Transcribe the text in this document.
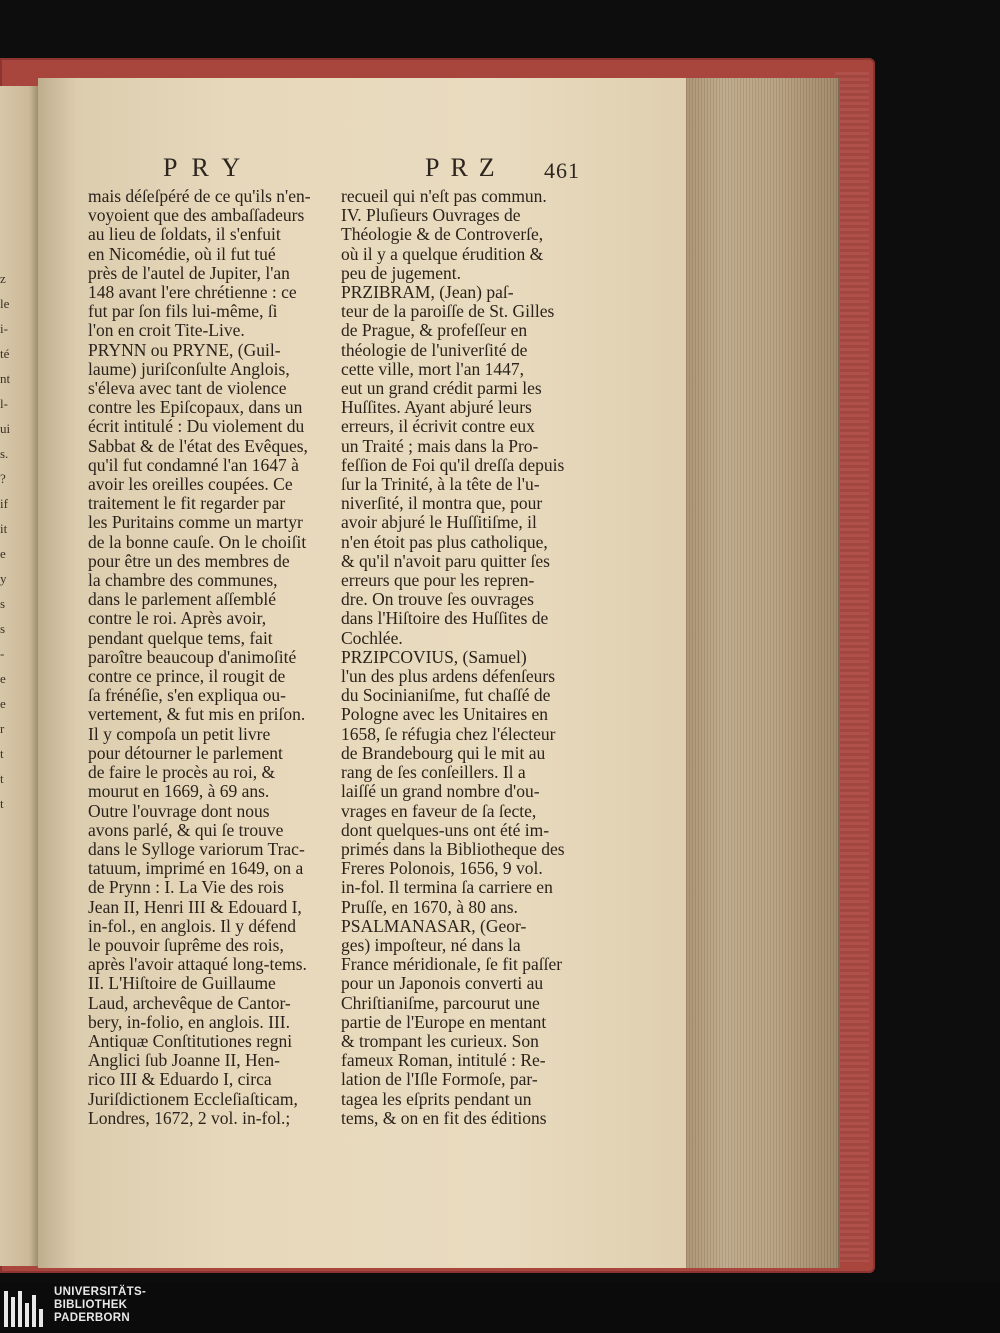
z
le
i-
té
nt
l-
ui
s.
?
if
it
e
y
s
s
-
e
e
r
t
t
t
PRY	PRZ 461
mais déſeſpéré de ce qu'ils n'en-
voyoient que des ambaſſadeurs
au lieu de ſoldats, il s'enfuit
en Nicomédie, où il fut tué
près de l'autel de Jupiter, l'an
148 avant l'ere chrétienne : ce
fut par ſon fils lui-même, ſi
l'on en croit Tite-Live.
PRYNN ou PRYNE, (Guil-
laume) juriſconſulte Anglois,
s'éleva avec tant de violence
contre les Epiſcopaux, dans un
écrit intitulé : Du violement du
Sabbat & de l'état des Evêques,
qu'il fut condamné l'an 1647 à
avoir les oreilles coupées. Ce
traitement le fit regarder par
les Puritains comme un martyr
de la bonne cauſe. On le choiſit
pour être un des membres de
la chambre des communes,
dans le parlement aſſemblé
contre le roi. Après avoir,
pendant quelque tems, fait
paroître beaucoup d'animoſité
contre ce prince, il rougit de
ſa frénéſie, s'en expliqua ou-
vertement, & fut mis en priſon.
Il y compoſa un petit livre
pour détourner le parlement
de faire le procès au roi, &
mourut en 1669, à 69 ans.
Outre l'ouvrage dont nous
avons parlé, & qui ſe trouve
dans le Sylloge variorum Trac-
tatuum, imprimé en 1649, on a
de Prynn : I. La Vie des rois
Jean II, Henri III & Edouard I,
in-fol., en anglois. Il y défend
le pouvoir ſuprême des rois,
après l'avoir attaqué long-tems.
II. L'Hiſtoire de Guillaume
Laud, archevêque de Cantor-
bery, in-folio, en anglois. III.
Antiquæ Conſtitutiones regni
Anglici ſub Joanne II, Hen-
rico III & Eduardo I, circa
Juriſdictionem Eccleſiaſticam,
Londres, 1672, 2 vol. in-fol.;
recueil qui n'eſt pas commun.
IV. Pluſieurs Ouvrages de
Théologie & de Controverſe,
où il y a quelque érudition &
peu de jugement.
PRZIBRAM, (Jean) paſ-
teur de la paroiſſe de St. Gilles
de Prague, & profeſſeur en
théologie de l'univerſité de
cette ville, mort l'an 1447,
eut un grand crédit parmi les
Huſſites. Ayant abjuré leurs
erreurs, il écrivit contre eux
un Traité ; mais dans la Pro-
feſſion de Foi qu'il dreſſa depuis
ſur la Trinité, à la tête de l'u-
niverſité, il montra que, pour
avoir abjuré le Huſſitiſme, il
n'en étoit pas plus catholique,
& qu'il n'avoit paru quitter ſes
erreurs que pour les repren-
dre. On trouve ſes ouvrages
dans l'Hiſtoire des Huſſites de
Cochlée.
PRZIPCOVIUS, (Samuel)
l'un des plus ardens défenſeurs
du Socinianiſme, fut chaſſé de
Pologne avec les Unitaires en
1658, ſe réfugia chez l'électeur
de Brandebourg qui le mit au
rang de ſes conſeillers. Il a
laiſſé un grand nombre d'ou-
vrages en faveur de ſa ſecte,
dont quelques-uns ont été im-
primés dans la Bibliotheque des
Freres Polonois, 1656, 9 vol.
in-fol. Il termina ſa carriere en
Pruſſe, en 1670, à 80 ans.
PSALMANASAR, (Geor-
ges) impoſteur, né dans la
France méridionale, ſe fit paſſer
pour un Japonois converti au
Chriſtianiſme, parcourut une
partie de l'Europe en mentant
& trompant les curieux. Son
fameux Roman, intitulé : Re-
lation de l'Iſle Formoſe, par-
tagea les eſprits pendant un
tems, & on en fit des éditions
UNIVERSITÄTS-
BIBLIOTHEK
PADERBORN
